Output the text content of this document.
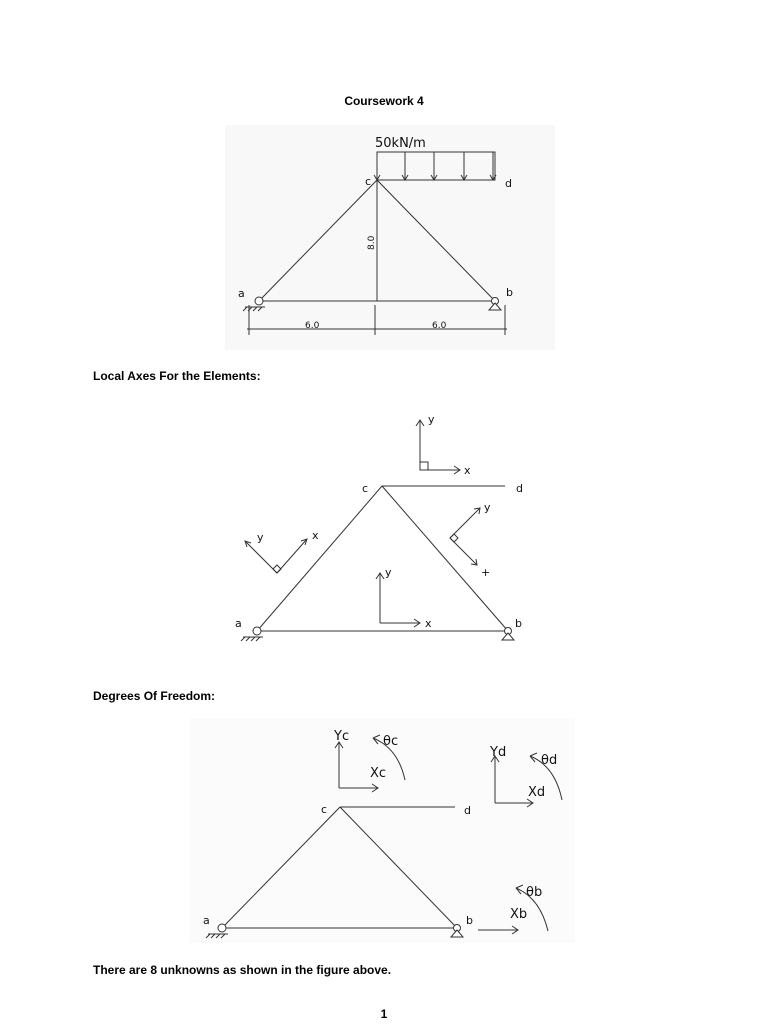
Coursework 4
50kN/m
c	d
a	b
8.0
6.0	6.0
Local Axes For the Elements:
y
x
y	x
y
+
y
x
c	d
a	b
Degrees Of Freedom:
Yc	θc
Xc
Yd
θd
Xd
θb
Xb
c	d
a	b
There are 8 unknowns as shown in the figure above.
1
